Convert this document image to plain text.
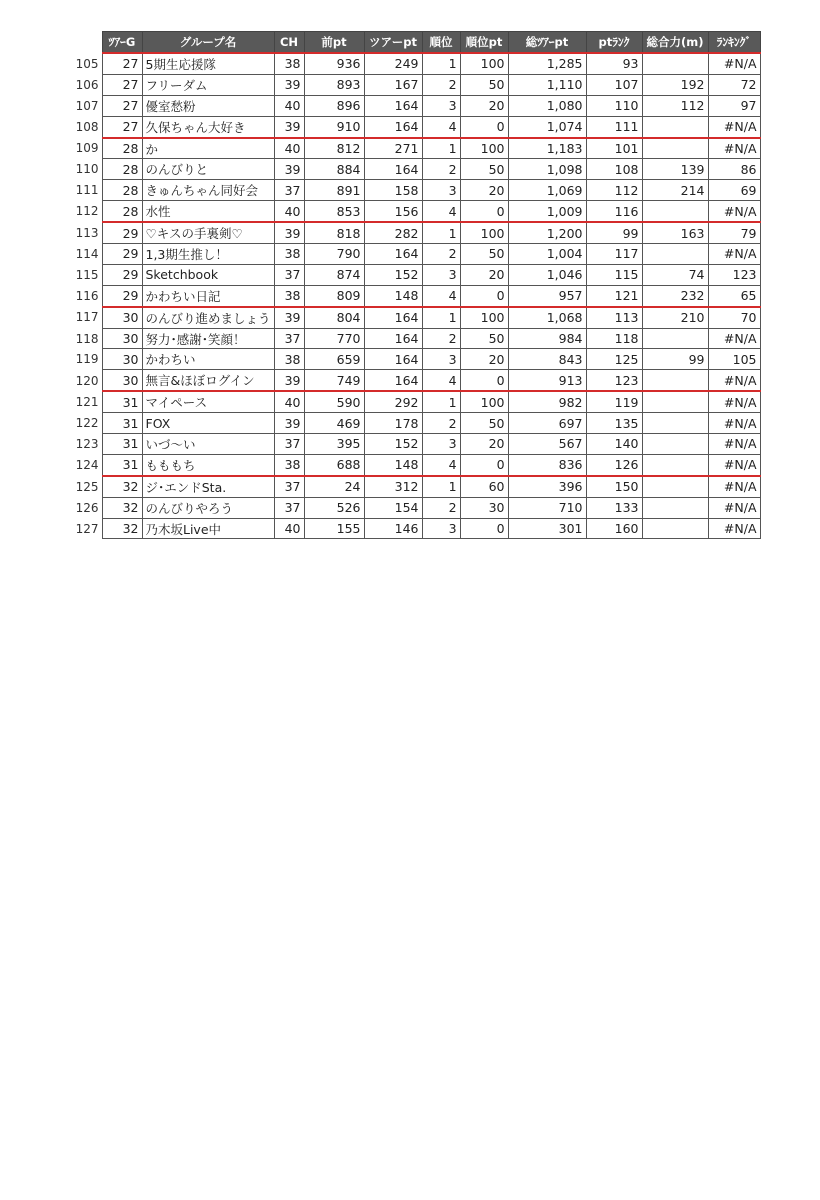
	ﾂｱｰG	グループ名	CH	前pt	ツアーpt	順位	順位pt	総ﾂｱｰpt	ptﾗﾝｸ	総合力(m)	ﾗﾝｷﾝｸﾞ
105	27	5期生応援隊	38	936	249	1	100	1,285	93		#N/A
106	27	フリーダム	39	893	167	2	50	1,110	107	192	72
107	27	優室愁粉	40	896	164	3	20	1,080	110	112	97
108	27	久保ちゃん大好き	39	910	164	4	0	1,074	111		#N/A
109	28	か	40	812	271	1	100	1,183	101		#N/A
110	28	のんびりと	39	884	164	2	50	1,098	108	139	86
111	28	きゅんちゃん同好会	37	891	158	3	20	1,069	112	214	69
112	28	水性	40	853	156	4	0	1,009	116		#N/A
113	29	♡キスの手裏剣♡	39	818	282	1	100	1,200	99	163	79
114	29	1,3期生推し！	38	790	164	2	50	1,004	117		#N/A
115	29	Sketchbook	37	874	152	3	20	1,046	115	74	123
116	29	かわちい日記	38	809	148	4	0	957	121	232	65
117	30	のんびり進めましょう	39	804	164	1	100	1,068	113	210	70
118	30	努力･感謝･笑顔！	37	770	164	2	50	984	118		#N/A
119	30	かわちい	38	659	164	3	20	843	125	99	105
120	30	無言&ほぼログイン	39	749	164	4	0	913	123		#N/A
121	31	マイペース	40	590	292	1	100	982	119		#N/A
122	31	FOX	39	469	178	2	50	697	135		#N/A
123	31	いづ〜い	37	395	152	3	20	567	140		#N/A
124	31	もももち	38	688	148	4	0	836	126		#N/A
125	32	ジ･エンドSta.	37	24	312	1	60	396	150		#N/A
126	32	のんびりやろう	37	526	154	2	30	710	133		#N/A
127	32	乃木坂Live中	40	155	146	3	0	301	160		#N/A
